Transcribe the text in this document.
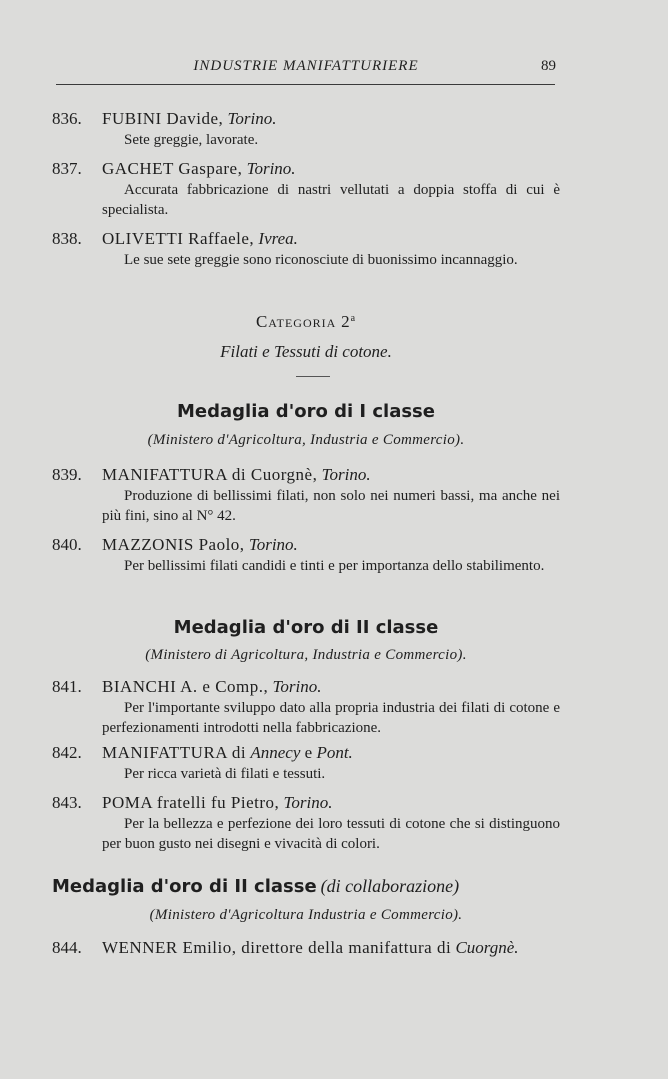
INDUSTRIE MANIFATTURIERE	89
836. FUBINI Davide, Torino.
Sete greggie, lavorate.
837. GACHET Gaspare, Torino.
Accurata fabbricazione di nastri vellutati a doppia stoffa di cui è specialista.
838. OLIVETTI Raffaele, Ivrea.
Le sue sete greggie sono riconosciute di buonissimo incannaggio.
Categoria 2$^a$
Filati e Tessuti di cotone.
Medaglia d'oro di I classe
(Ministero d'Agricoltura, Industria e Commercio).
839. MANIFATTURA di Cuorgnè, Torino.
Produzione di bellissimi filati, non solo nei numeri bassi, ma anche nei più fini, sino al N° 42.
840. MAZZONIS Paolo, Torino.
Per bellissimi filati candidi e tinti e per importanza dello stabilimento.
Medaglia d'oro di II classe
(Ministero di Agricoltura, Industria e Commercio).
841. BIANCHI A. e Comp., Torino.
Per l'importante sviluppo dato alla propria industria dei filati di cotone e perfezionamenti introdotti nella fabbricazione.
842. MANIFATTURA di Annecy e Pont.
Per ricca varietà di filati e tessuti.
843. POMA fratelli fu Pietro, Torino.
Per la bellezza e perfezione dei loro tessuti di cotone che si distinguono per buon gusto nei disegni e vivacità di colori.
Medaglia d'oro di II classe (di collaborazione)
(Ministero d'Agricoltura Industria e Commercio).
844. WENNER Emilio, direttore della manifattura di Cuorgnè.
